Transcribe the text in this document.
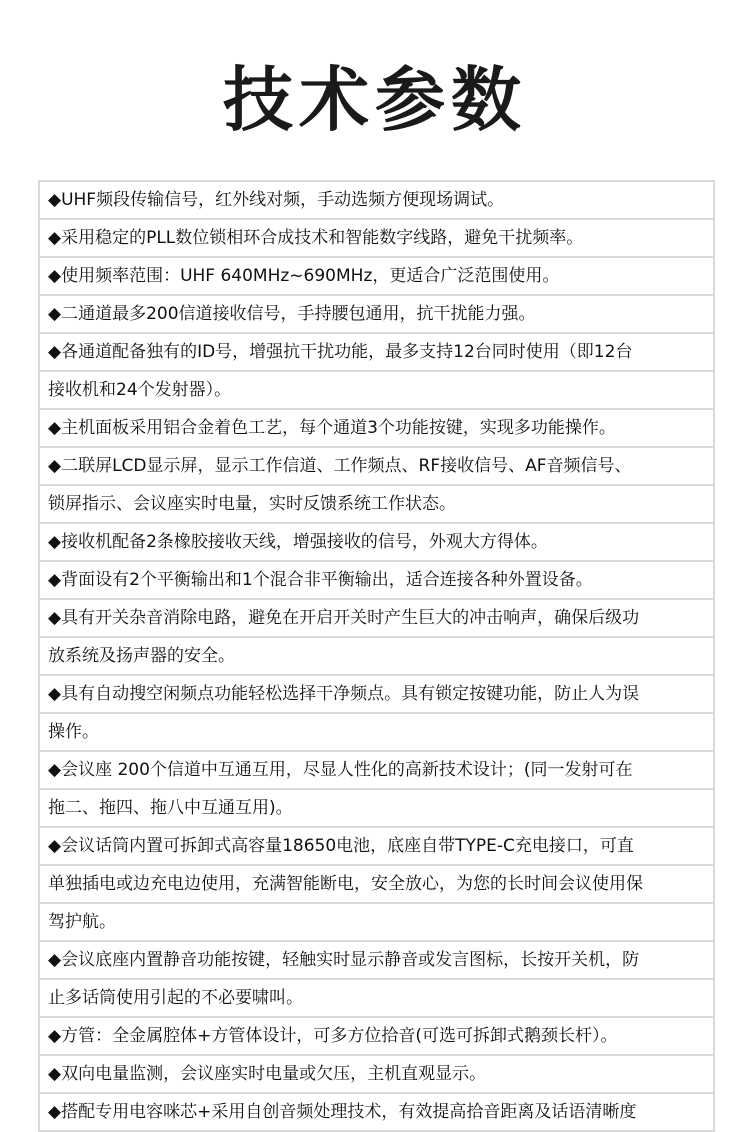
技术参数
◆UHF频段传输信号，红外线对频，手动选频方便现场调试。
◆采用稳定的PLL数位锁相环合成技术和智能数字线路，避免干扰频率。
◆使用频率范围：UHF 640MHz~690MHz，更适合广泛范围使用。
◆二通道最多200信道接收信号，手持腰包通用，抗干扰能力强。
◆各通道配备独有的ID号，增强抗干扰功能，最多支持12台同时使用（即12台
接收机和24个发射器）。
◆主机面板采用铝合金着色工艺，每个通道3个功能按键，实现多功能操作。
◆二联屏LCD显示屏，显示工作信道、工作频点、RF接收信号、AF音频信号、
锁屏指示、会议座实时电量，实时反馈系统工作状态。
◆接收机配备2条橡胶接收天线，增强接收的信号，外观大方得体。
◆背面设有2个平衡输出和1个混合非平衡输出，适合连接各种外置设备。
◆具有开关杂音消除电路，避免在开启开关时产生巨大的冲击响声，确保后级功
放系统及扬声器的安全。
◆具有自动搜空闲频点功能轻松选择干净频点。具有锁定按键功能，防止人为误
操作。
◆会议座 200个信道中互通互用，尽显人性化的高新技术设计；(同一发射可在
拖二、拖四、拖八中互通互用)。
◆会议话筒内置可拆卸式高容量18650电池，底座自带TYPE-C充电接口，可直
单独插电或边充电边使用，充满智能断电，安全放心，为您的长时间会议使用保
驾护航。
◆会议底座内置静音功能按键，轻触实时显示静音或发言图标，长按开关机，防
止多话筒使用引起的不必要啸叫。
◆方管：全金属腔体+方管体设计，可多方位拾音(可选可拆卸式鹅颈长杆）。
◆双向电量监测，会议座实时电量或欠压，主机直观显示。
◆搭配专用电容咪芯+采用自创音频处理技术，有效提高拾音距离及话语清晰度
